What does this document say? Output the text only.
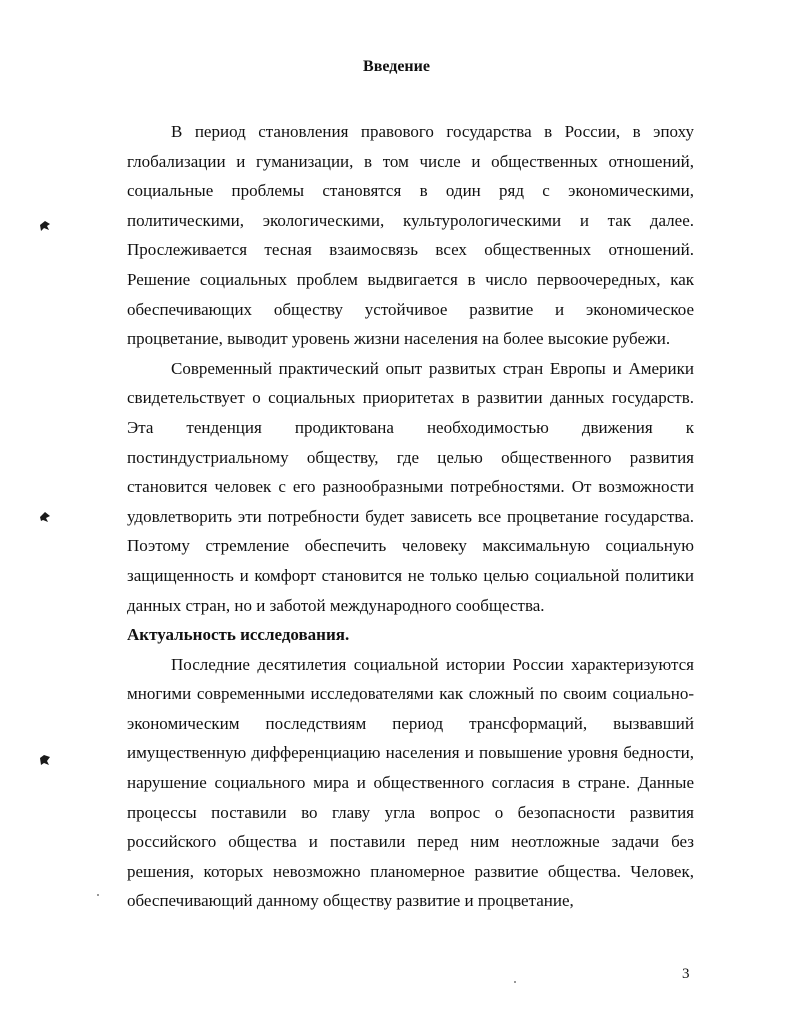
Введение

В период становления правового государства в России, в эпоху глобализации и гуманизации, в том числе и общественных отношений, социальные проблемы становятся в один ряд с экономическими, политическими, экологическими, культурологическими и так далее. Прослеживается тесная взаимосвязь всех общественных отношений. Решение социальных проблем выдвигается в число первоочередных, как обеспечивающих обществу устойчивое развитие и экономическое процветание, выводит уровень жизни населения на более высокие рубежи.

Современный практический опыт развитых стран Европы и Америки свидетельствует о социальных приоритетах в развитии данных государств. Эта тенденция продиктована необходимостью движения к постиндустриальному обществу, где целью общественного развития становится человек с его разнообразными потребностями. От возможности удовлетворить эти потребности будет зависеть все процветание государства. Поэтому стремление обеспечить человеку максимальную социальную защищенность и комфорт становится не только целью социальной политики данных стран, но и заботой международного сообщества.

Актуальность исследования.

Последние десятилетия социальной истории России характеризуются многими современными исследователями как сложный по своим социально-экономическим последствиям период трансформаций, вызвавший имущественную дифференциацию населения и повышение уровня бедности, нарушение социального мира и общественного согласия в стране. Данные процессы поставили во главу угла вопрос о безопасности развития российского общества и поставили перед ним неотложные задачи без решения, которых невозможно планомерное развитие общества. Человек, обеспечивающий данному обществу развитие и процветание,

3
